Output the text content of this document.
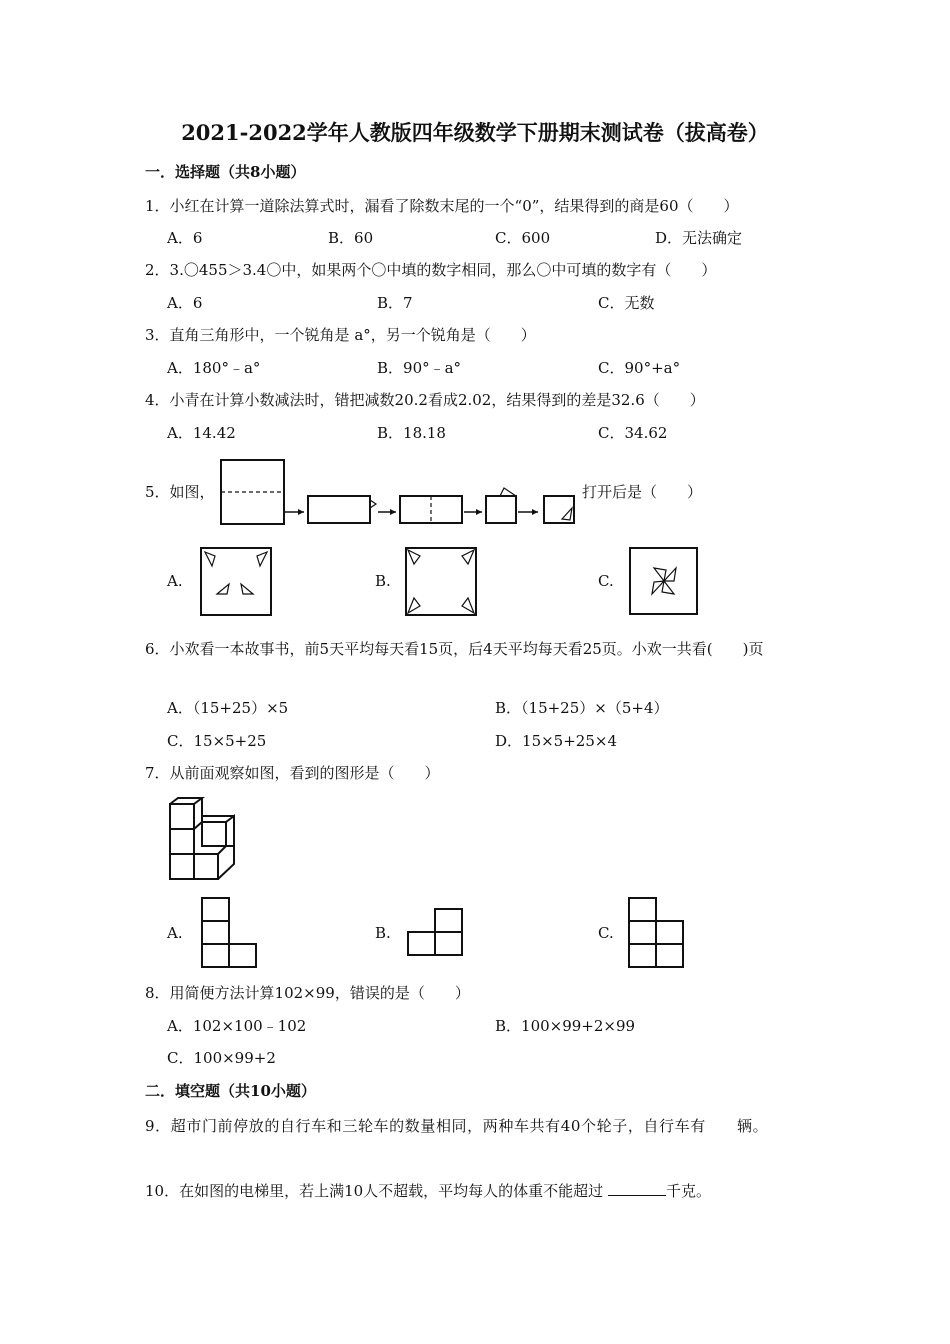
2021-2022学年人教版四年级数学下册期末测试卷（拔高卷）
一．选择题（共8小题）
1．小红在计算一道除法算式时，漏看了除数末尾的一个“0”，结果得到的商是60（　　）
A．6	B．60	C．600	D．无法确定
2．3.〇455＞3.4〇中，如果两个〇中填的数字相同，那么〇中可填的数字有（　　）
A．6	B．7	C．无数
3．直角三角形中，一个锐角是 a°，另一个锐角是（　　）
A．180°﹣a°	B．90°﹣a°	C．90°+a°
4．小青在计算小数减法时，错把减数20.2看成2.02，结果得到的差是32.6（　　）
A．14.42	B．18.18	C．34.62
5．如图，	打开后是（　　）
A.	B.	C.
6．小欢看一本故事书，前5天平均每天看15页，后4天平均每天看25页。小欢一共看(　　)页
A．（15+25）×5	B．（15+25）×（5+4）
C．15×5+25	D．15×5+25×4
7．从前面观察如图，看到的图形是（　　）
A.	B.	C.
8．用简便方法计算102×99，错误的是（　　）
A．102×100﹣102	B．100×99+2×99
C．100×99+2
二．填空题（共10小题）
9．超市门前停放的自行车和三轮车的数量相同，两种车共有40个轮子，自行车有　　辆。
10．在如图的电梯里，若上满10人不超载，平均每人的体重不能超过	千克。
